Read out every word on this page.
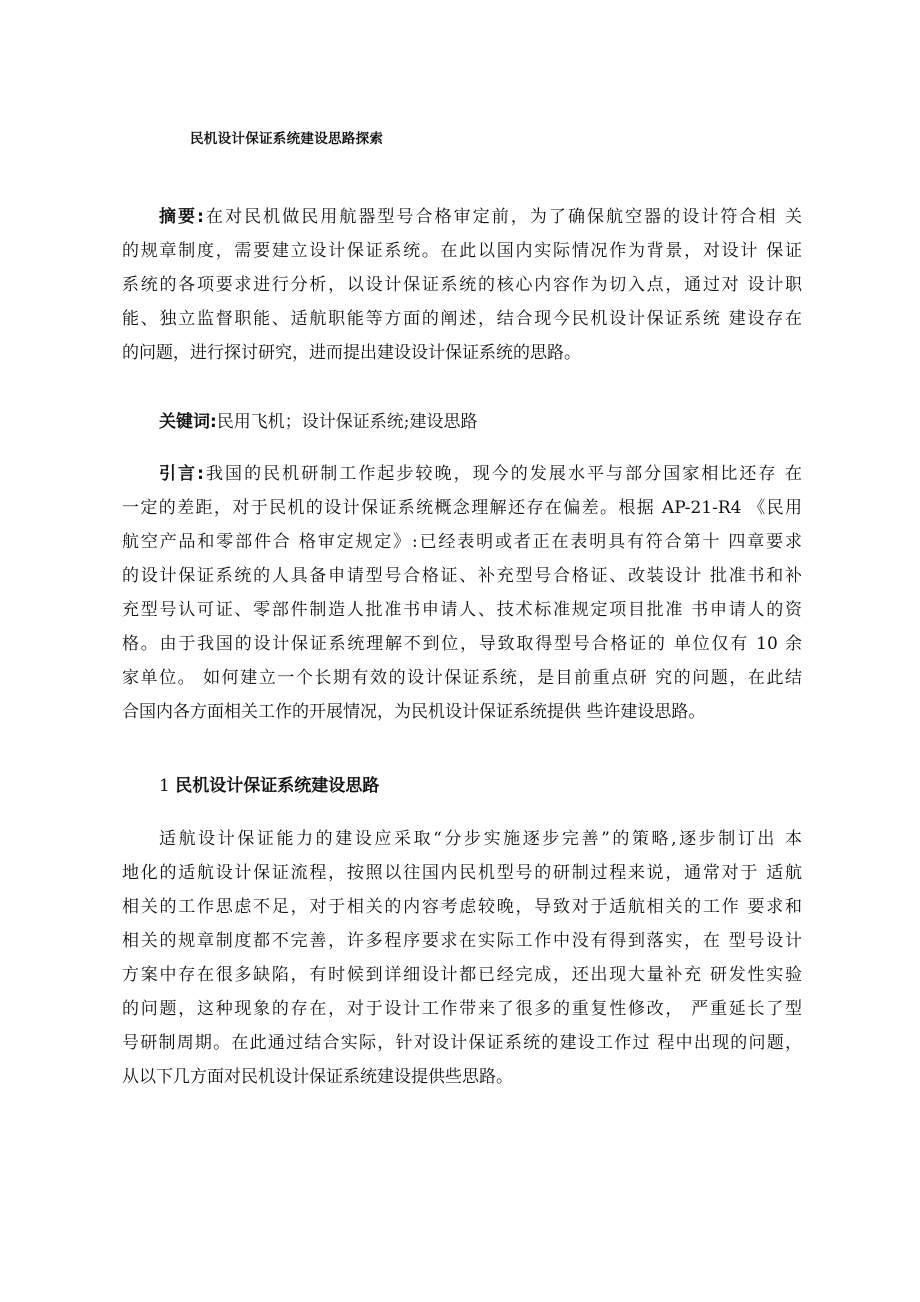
民机设计保证系统建设思路探索
摘要:在对民机做民用航器型号合格审定前，为了确保航空器的设计符合相 关
的规章制度，需要建立设计保证系统。在此以国内实际情况作为背景，对设计 保证
系统的各项要求进行分析，以设计保证系统的核心内容作为切入点，通过对 设计职
能、独立监督职能、适航职能等方面的阐述，结合现今民机设计保证系统 建设存在
的问题，进行探讨研究，进而提出建设设计保证系统的思路。
关键词:民用飞机；设计保证系统;建设思路
引言:我国的民机研制工作起步较晚，现今的发展水平与部分国家相比还存 在
一定的差距，对于民机的设计保证系统概念理解还存在偏差。根据 AP-21-R4 《民用
航空产品和零部件合 格审定规定》:已经表明或者正在表明具有符合第十 四章要求
的设计保证系统的人具备申请型号合格证、补充型号合格证、改装设计 批准书和补
充型号认可证、零部件制造人批准书申请人、技术标准规定项目批准 书申请人的资
格。由于我国的设计保证系统理解不到位，导致取得型号合格证的 单位仅有 10 余
家单位。 如何建立一个长期有效的设计保证系统，是目前重点研 究的问题，在此结
合国内各方面相关工作的开展情况，为民机设计保证系统提供 些许建设思路。
1 民机设计保证系统建设思路
适航设计保证能力的建设应采取“分步实施逐步完善”的策略,逐步制订出 本
地化的适航设计保证流程，按照以往国内民机型号的研制过程来说，通常对于 适航
相关的工作思虑不足，对于相关的内容考虑较晚，导致对于适航相关的工作 要求和
相关的规章制度都不完善，许多程序要求在实际工作中没有得到落实，在 型号设计
方案中存在很多缺陷，有时候到详细设计都已经完成，还出现大量补充 研发性实验
的问题，这种现象的存在，对于设计工作带来了很多的重复性修改， 严重延长了型
号研制周期。在此通过结合实际，针对设计保证系统的建设工作过 程中出现的问题，
从以下几方面对民机设计保证系统建设提供些思路。
